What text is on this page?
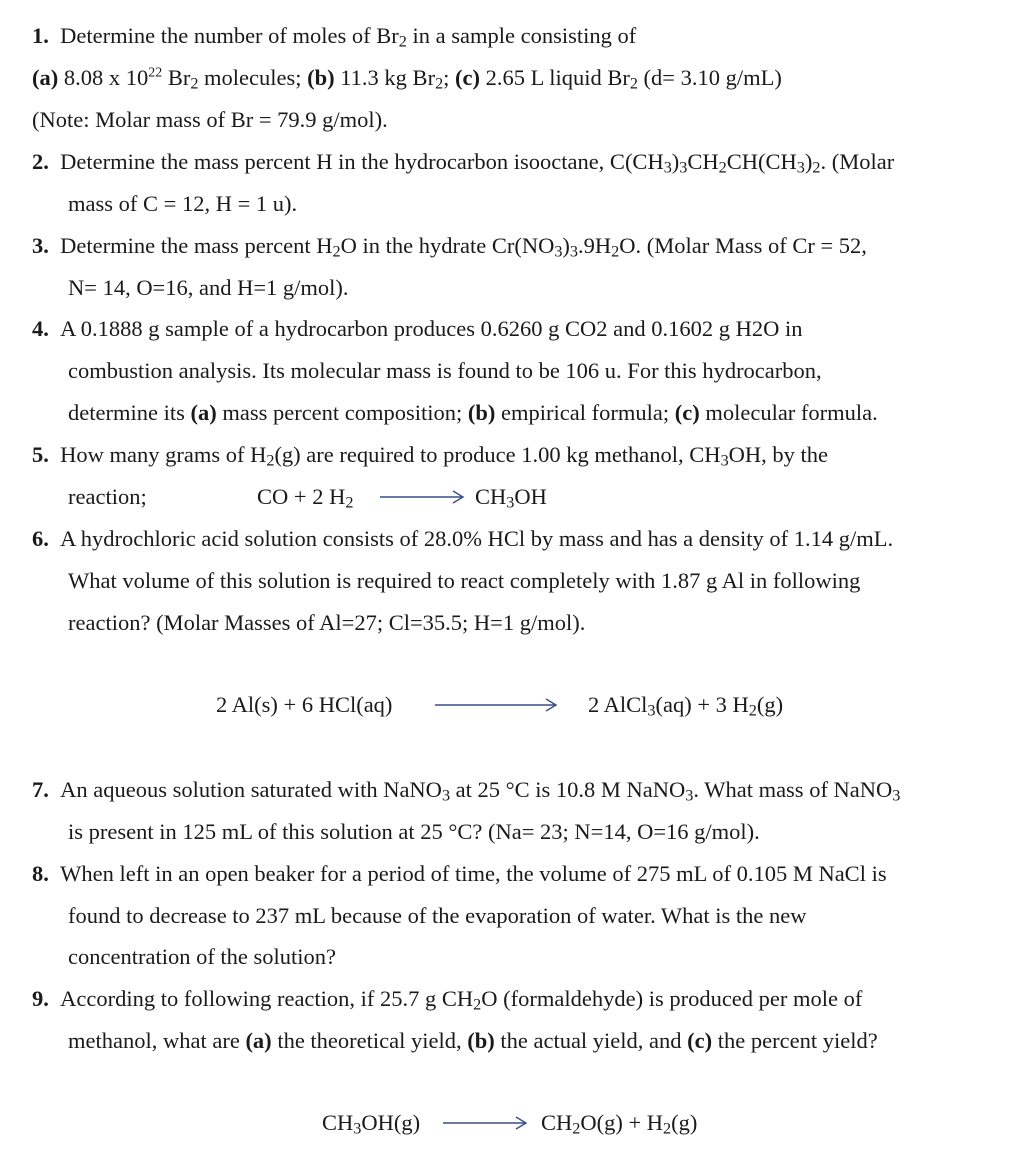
1. Determine the number of moles of $Br_2$ in a sample consisting of
(a) 8.08 x $10^{22}$ $Br_2$ molecules; (b) 11.3 kg $Br_2$; (c) 2.65 L liquid $Br_2$ (d= 3.10 g/mL)
(Note: Molar mass of Br = 79.9 g/mol).
2. Determine the mass percent H in the hydrocarbon isooctane, $C(CH_3)_3CH_2CH(CH_3)_2$. (Molar
mass of C = 12, H = 1 u).
3. Determine the mass percent $H_2O$ in the hydrate $Cr(NO_3)_3.9H_2O$. (Molar Mass of Cr = 52,
N= 14, O=16, and H=1 g/mol).
4. A 0.1888 g sample of a hydrocarbon produces 0.6260 g CO2 and 0.1602 g H2O in
combustion analysis. Its molecular mass is found to be 106 u. For this hydrocarbon,
determine its (a) mass percent composition; (b) empirical formula; (c) molecular formula.
5. How many grams of $H_2(g)$ are required to produce 1.00 kg methanol, $CH_3OH$, by the
reaction;	CO + 2 $H_2$	$CH_3OH$
6. A hydrochloric acid solution consists of 28.0% HCl by mass and has a density of 1.14 g/mL.
What volume of this solution is required to react completely with 1.87 g Al in following
reaction? (Molar Masses of Al=27; Cl=35.5; H=1 g/mol).
2 Al(s) + 6 HCl(aq)	2 AlCl$_3$(aq) + 3 $H_2(g)$
7. An aqueous solution saturated with NaNO$_3$ at 25 °C is 10.8 M NaNO$_3$. What mass of NaNO$_3$
is present in 125 mL of this solution at 25 °C? (Na= 23; N=14, O=16 g/mol).
8. When left in an open beaker for a period of time, the volume of 275 mL of 0.105 M NaCl is
found to decrease to 237 mL because of the evaporation of water. What is the new
concentration of the solution?
9. According to following reaction, if 25.7 g $CH_2O$ (formaldehyde) is produced per mole of
methanol, what are (a) the theoretical yield, (b) the actual yield, and (c) the percent yield?
$CH_3OH(g)$	$CH_2O(g) + H_2(g)$
